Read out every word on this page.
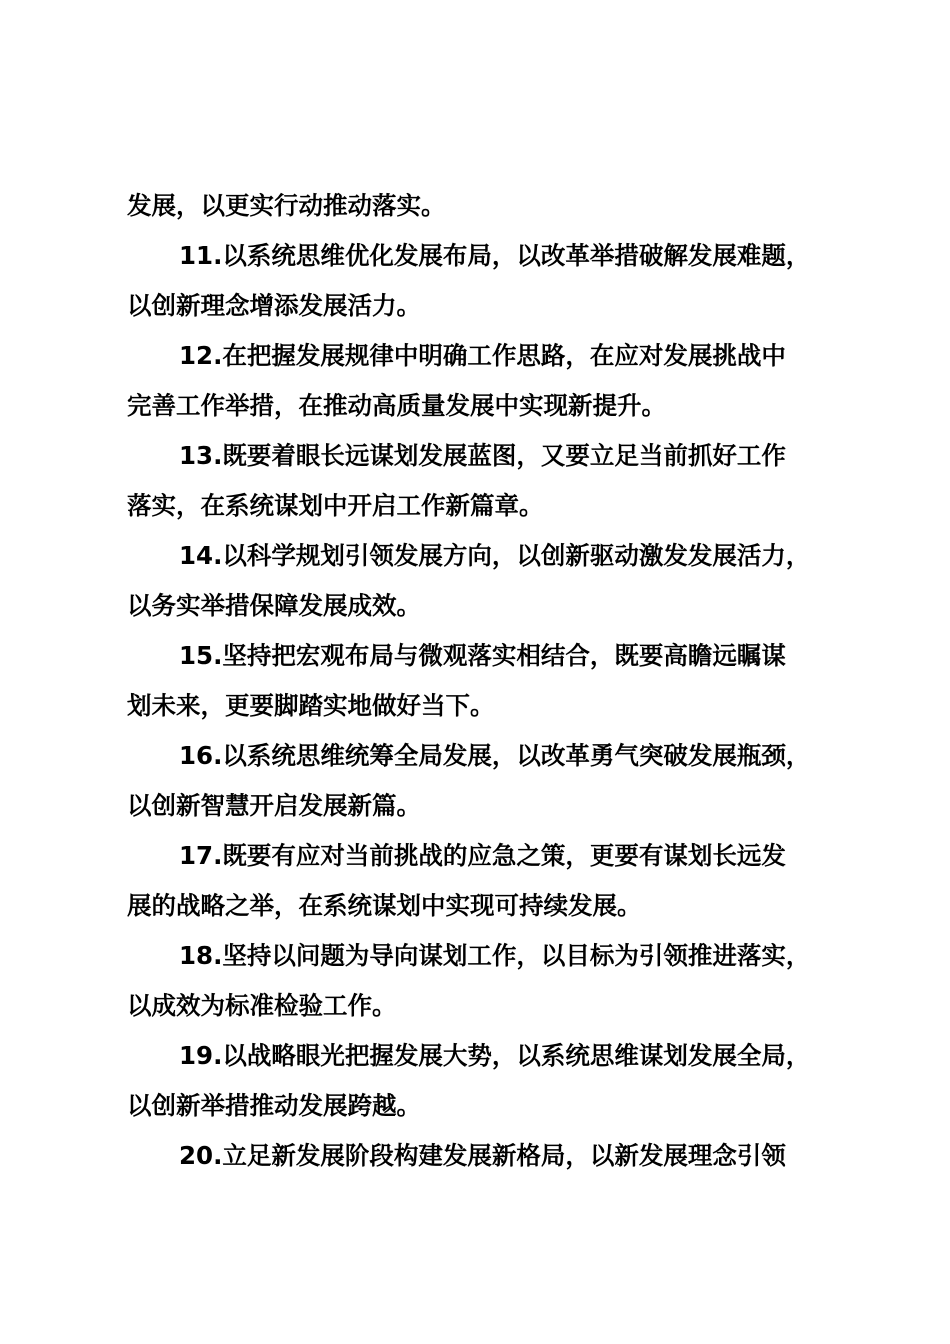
发展，以更实行动推动落实。
11.以系统思维优化发展布局，以改革举措破解发展难题，
以创新理念增添发展活力。
12.在把握发展规律中明确工作思路，在应对发展挑战中
完善工作举措，在推动高质量发展中实现新提升。
13.既要着眼长远谋划发展蓝图，又要立足当前抓好工作
落实，在系统谋划中开启工作新篇章。
14.以科学规划引领发展方向，以创新驱动激发发展活力，
以务实举措保障发展成效。
15.坚持把宏观布局与微观落实相结合，既要高瞻远瞩谋
划未来，更要脚踏实地做好当下。
16.以系统思维统筹全局发展，以改革勇气突破发展瓶颈，
以创新智慧开启发展新篇。
17.既要有应对当前挑战的应急之策，更要有谋划长远发
展的战略之举，在系统谋划中实现可持续发展。
18.坚持以问题为导向谋划工作，以目标为引领推进落实，
以成效为标准检验工作。
19.以战略眼光把握发展大势，以系统思维谋划发展全局，
以创新举措推动发展跨越。
20.立足新发展阶段构建发展新格局，以新发展理念引领
